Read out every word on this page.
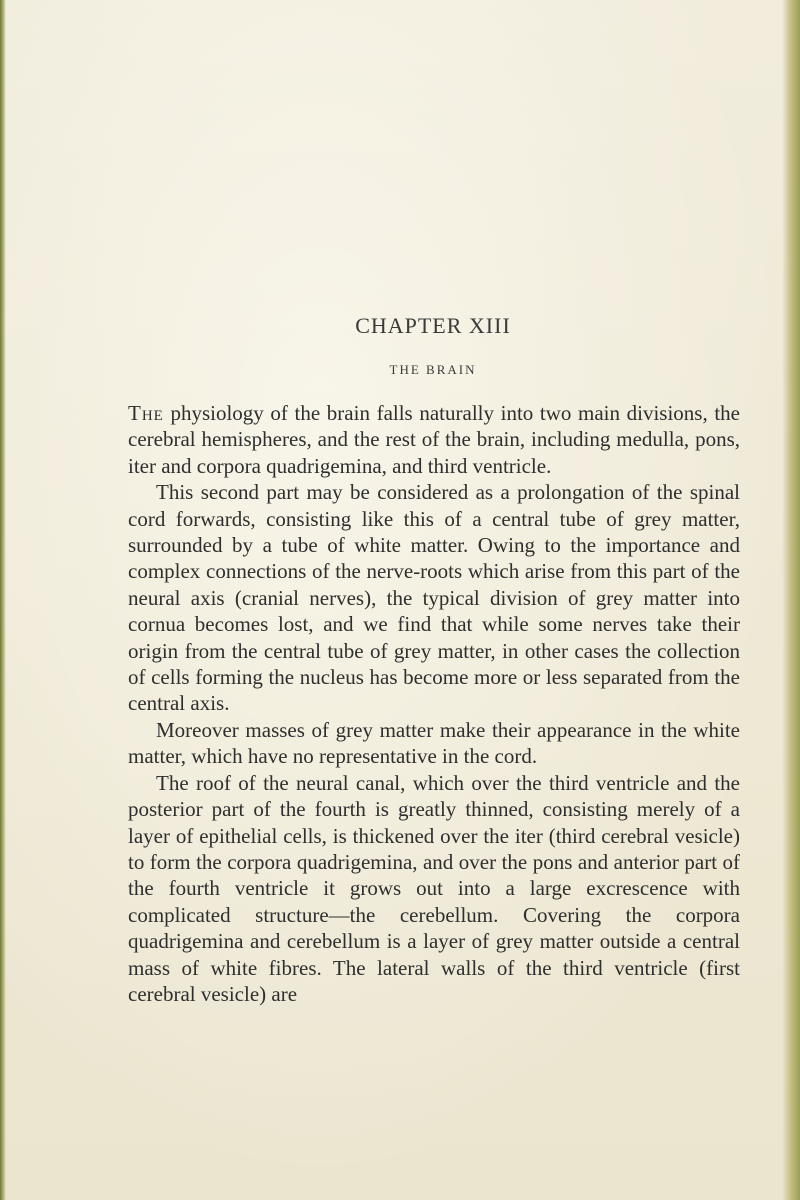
CHAPTER XIII
THE BRAIN

The physiology of the brain falls naturally into two main divisions, the cerebral hemispheres, and the rest of the brain, including medulla, pons, iter and corpora quadrigemina, and third ventricle.

This second part may be considered as a prolongation of the spinal cord forwards, consisting like this of a central tube of grey matter, surrounded by a tube of white matter. Owing to the importance and complex connections of the nerve-roots which arise from this part of the neural axis (cranial nerves), the typical division of grey matter into cornua becomes lost, and we find that while some nerves take their origin from the central tube of grey matter, in other cases the collection of cells forming the nucleus has become more or less separated from the central axis.

Moreover masses of grey matter make their appearance in the white matter, which have no representative in the cord.

The roof of the neural canal, which over the third ventricle and the posterior part of the fourth is greatly thinned, consisting merely of a layer of epithelial cells, is thickened over the iter (third cerebral vesicle) to form the corpora quadrigemina, and over the pons and anterior part of the fourth ventricle it grows out into a large excrescence with complicated structure—the cerebellum. Covering the corpora quadrigemina and cerebellum is a layer of grey matter outside a central mass of white fibres. The lateral walls of the third ventricle (first cerebral vesicle) are
